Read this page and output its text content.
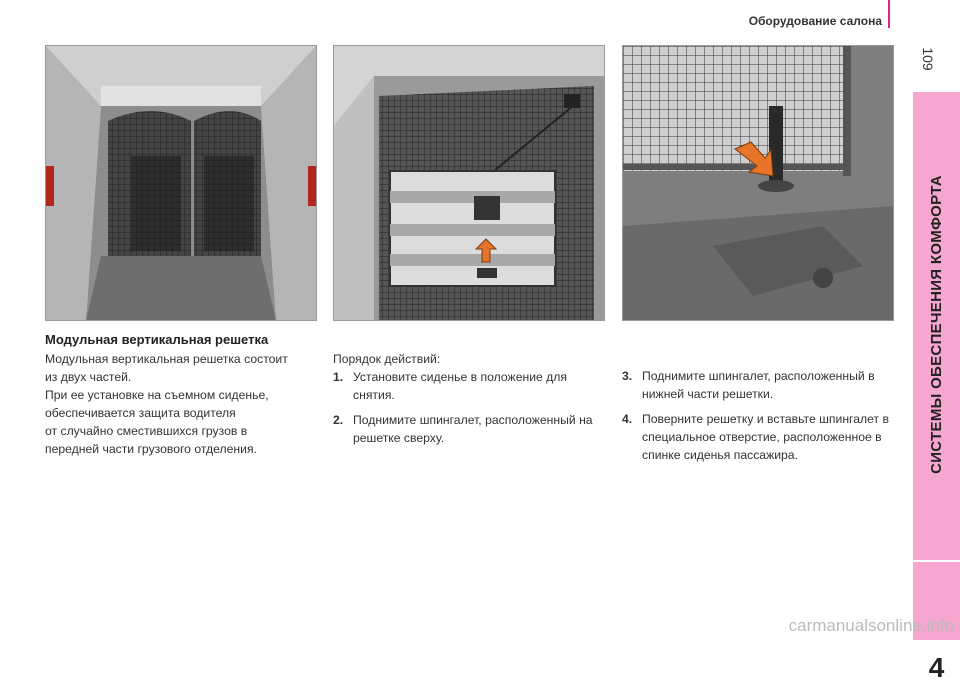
Оборудование салона
109
СИСТЕМЫ ОБЕСПЕЧЕНИЯ КОМФОРТА
4
Модульная вертикальная решетка

Модульная вертикальная решетка состоит

из двух частей.

При ее установке на съемном сиденье,

обеспечивается защита водителя

от случайно сместившихся грузов в

передней части грузового отделения.

Порядок действий:

1. Установите сиденье в положение для снятия.
2. Поднимите шпингалет, расположенный на решетке сверху.
3. Поднимите шпингалет, расположенный в нижней части решетки.
4. Поверните решетку и вставьте шпингалет в специальное отверстие, расположенное в спинке сиденья пассажира.
carmanualsonline.info
